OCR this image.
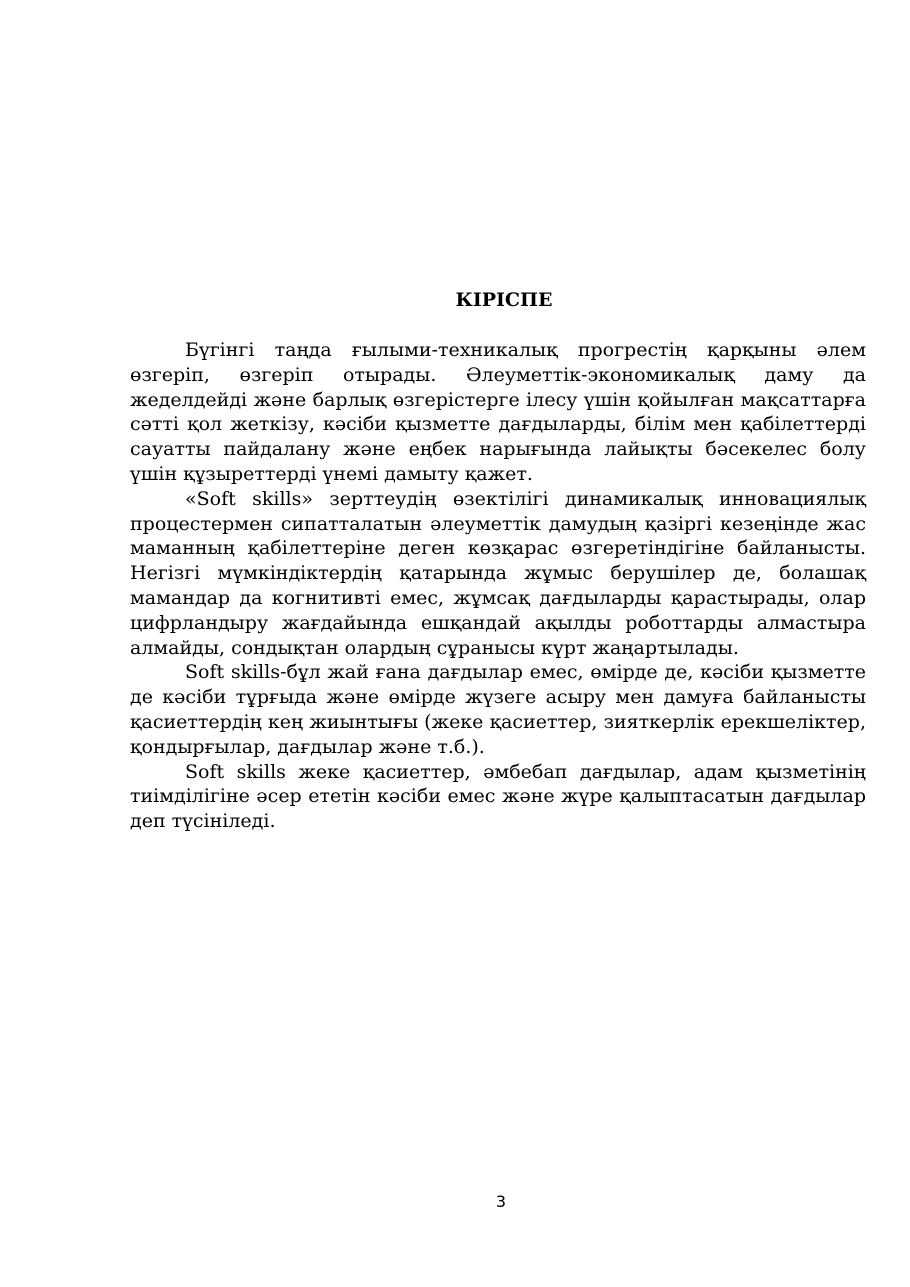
КІРІСПЕ

Бүгінгі таңда ғылыми-техникалық прогрестің қарқыны әлем өзгеріп, өзгеріп отырады. Әлеуметтік-экономикалық даму да жеделдейді және барлық өзгерістерге ілесу үшін қойылған мақсаттарға сәтті қол жеткізу, кәсіби қызметте дағдыларды, білім мен қабілеттерді сауатты пайдалану және еңбек нарығында лайықты бәсекелес болу үшін құзыреттерді үнемі дамыту қажет.

«Soft skills» зерттеудің өзектілігі динамикалық инновациялық процестермен сипатталатын әлеуметтік дамудың қазіргі кезеңінде жас маманның қабілеттеріне деген көзқарас өзгеретіндігіне байланысты. Негізгі мүмкіндіктердің қатарында жұмыс берушілер де, болашақ мамандар да когнитивті емес, жұмсақ дағдыларды қарастырады, олар цифрландыру жағдайында ешқандай ақылды роботтарды алмастыра алмайды, сондықтан олардың сұранысы күрт жаңартылады.

Soft skills-бұл жай ғана дағдылар емес, өмірде де, кәсіби қызметте де кәсіби тұрғыда және өмірде жүзеге асыру мен дамуға байланысты қасиеттердің кең жиынтығы (жеке қасиеттер, зияткерлік ерекшеліктер, қондырғылар, дағдылар және т.б.).

Soft skills жеке қасиеттер, әмбебап дағдылар, адам қызметінің тиімділігіне әсер ететін кәсіби емес және жүре қалыптасатын дағдылар деп түсініледі.

3
